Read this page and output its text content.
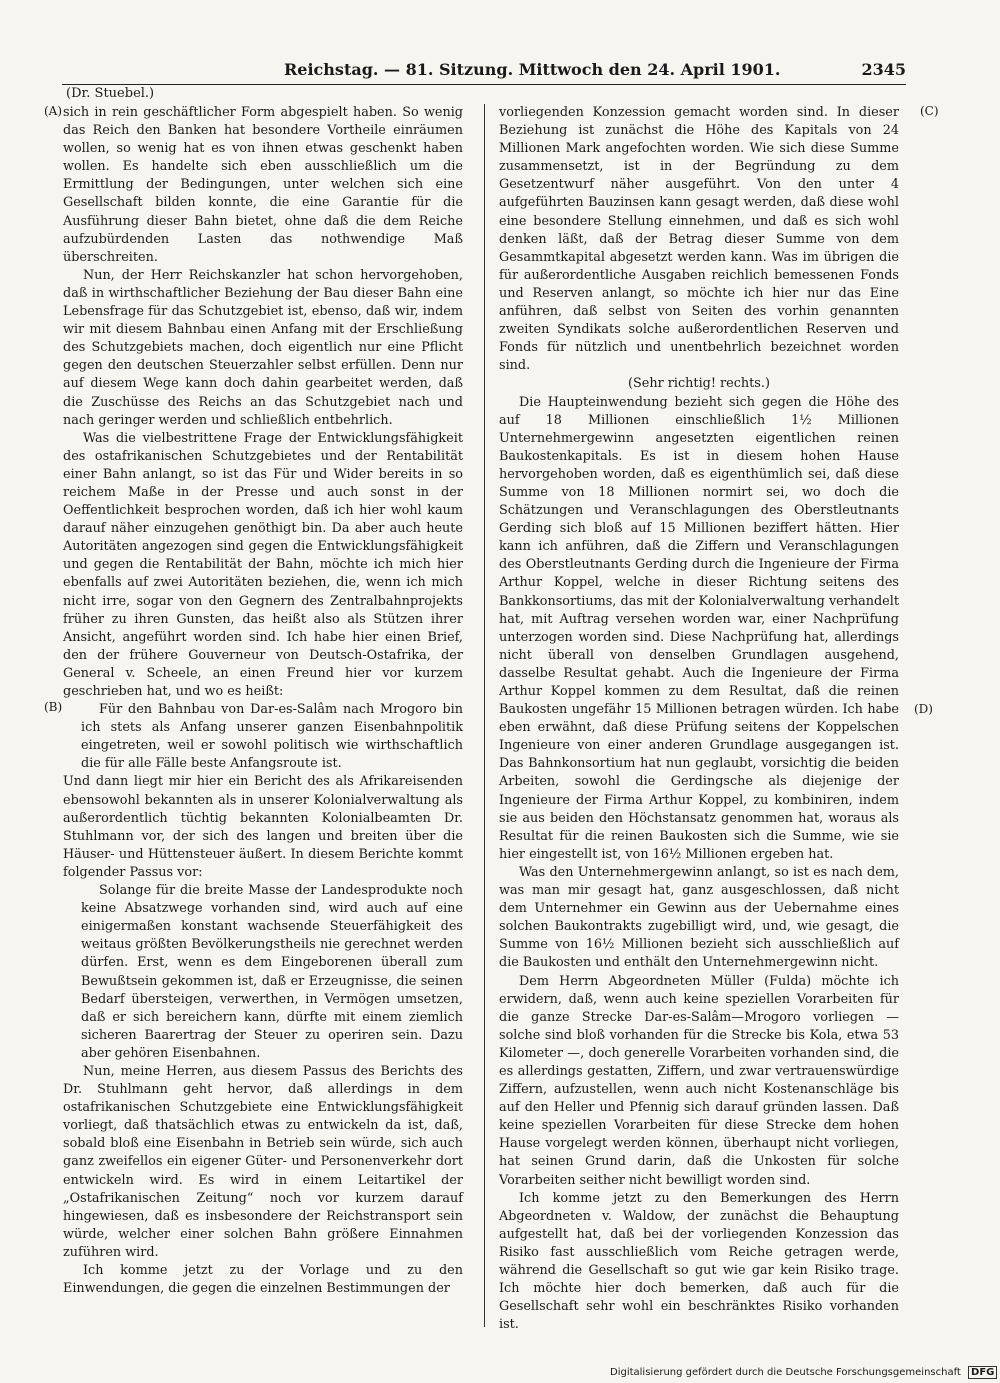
Reichstag. — 81. Sitzung. Mittwoch den 24. April 1901.	2345
(Dr. Stuebel.)
(A)
(B)
(C)
(D)

sich in rein geschäftlicher Form abgespielt haben. So wenig das Reich den Banken hat besondere Vortheile einräumen wollen, so wenig hat es von ihnen etwas geschenkt haben wollen. Es handelte sich eben ausschließlich um die Ermittlung der Bedingungen, unter welchen sich eine Gesellschaft bilden konnte, die eine Garantie für die Ausführung dieser Bahn bietet, ohne daß die dem Reiche aufzubürdenden Lasten das nothwendige Maß überschreiten.

Nun, der Herr Reichskanzler hat schon hervorgehoben, daß in wirthschaftlicher Beziehung der Bau dieser Bahn eine Lebensfrage für das Schutzgebiet ist, ebenso, daß wir, indem wir mit diesem Bahnbau einen Anfang mit der Erschließung des Schutzgebiets machen, doch eigentlich nur eine Pflicht gegen den deutschen Steuerzahler selbst erfüllen. Denn nur auf diesem Wege kann doch dahin gearbeitet werden, daß die Zuschüsse des Reichs an das Schutzgebiet nach und nach geringer werden und schließlich entbehrlich.

Was die vielbestrittene Frage der Entwicklungsfähigkeit des ostafrikanischen Schutzgebietes und der Rentabilität einer Bahn anlangt, so ist das Für und Wider bereits in so reichem Maße in der Presse und auch sonst in der Oeffentlichkeit besprochen worden, daß ich hier wohl kaum darauf näher einzugehen genöthigt bin. Da aber auch heute Autoritäten angezogen sind gegen die Entwicklungsfähigkeit und gegen die Rentabilität der Bahn, möchte ich mich hier ebenfalls auf zwei Autoritäten beziehen, die, wenn ich mich nicht irre, sogar von den Gegnern des Zentralbahnprojekts früher zu ihren Gunsten, das heißt also als Stützen ihrer Ansicht, angeführt worden sind. Ich habe hier einen Brief, den der frühere Gouverneur von Deutsch-Ostafrika, der General v. Scheele, an einen Freund hier vor kurzem geschrieben hat, und wo es heißt:

Für den Bahnbau von Dar-es-Salâm nach Mrogoro bin ich stets als Anfang unserer ganzen Eisenbahnpolitik eingetreten, weil er sowohl politisch wie wirthschaftlich die für alle Fälle beste Anfangsroute ist.

Und dann liegt mir hier ein Bericht des als Afrikareisenden ebensowohl bekannten als in unserer Kolonialverwaltung als außerordentlich tüchtig bekannten Kolonialbeamten Dr. Stuhlmann vor, der sich des langen und breiten über die Häuser- und Hüttensteuer äußert. In diesem Berichte kommt folgender Passus vor:

Solange für die breite Masse der Landesprodukte noch keine Absatzwege vorhanden sind, wird auch auf eine einigermaßen konstant wachsende Steuerfähigkeit des weitaus größten Bevölkerungstheils nie gerechnet werden dürfen. Erst, wenn es dem Eingeborenen überall zum Bewußtsein gekommen ist, daß er Erzeugnisse, die seinen Bedarf übersteigen, verwerthen, in Vermögen umsetzen, daß er sich bereichern kann, dürfte mit einem ziemlich sicheren Baarertrag der Steuer zu operiren sein. Dazu aber gehören Eisenbahnen.

Nun, meine Herren, aus diesem Passus des Berichts des Dr. Stuhlmann geht hervor, daß allerdings in dem ostafrikanischen Schutzgebiete eine Entwicklungsfähigkeit vorliegt, daß thatsächlich etwas zu entwickeln da ist, daß, sobald bloß eine Eisenbahn in Betrieb sein würde, sich auch ganz zweifellos ein eigener Güter- und Personenverkehr dort entwickeln wird. Es wird in einem Leitartikel der „Ostafrikanischen Zeitung“ noch vor kurzem darauf hingewiesen, daß es insbesondere der Reichstransport sein würde, welcher einer solchen Bahn größere Einnahmen zuführen wird.

Ich komme jetzt zu der Vorlage und zu den Einwendungen, die gegen die einzelnen Bestimmungen der

vorliegenden Konzession gemacht worden sind. In dieser Beziehung ist zunächst die Höhe des Kapitals von 24 Millionen Mark angefochten worden. Wie sich diese Summe zusammensetzt, ist in der Begründung zu dem Gesetzentwurf näher ausgeführt. Von den unter 4 aufgeführten Bauzinsen kann gesagt werden, daß diese wohl eine besondere Stellung einnehmen, und daß es sich wohl denken läßt, daß der Betrag dieser Summe von dem Gesammtkapital abgesetzt werden kann. Was im übrigen die für außerordentliche Ausgaben reichlich bemessenen Fonds und Reserven anlangt, so möchte ich hier nur das Eine anführen, daß selbst von Seiten des vorhin genannten zweiten Syndikats solche außerordentlichen Reserven und Fonds für nützlich und unentbehrlich bezeichnet worden sind.

(Sehr richtig! rechts.)

Die Haupteinwendung bezieht sich gegen die Höhe des auf 18 Millionen einschließlich 1½ Millionen Unternehmergewinn angesetzten eigentlichen reinen Baukostenkapitals. Es ist in diesem hohen Hause hervorgehoben worden, daß es eigenthümlich sei, daß diese Summe von 18 Millionen normirt sei, wo doch die Schätzungen und Veranschlagungen des Oberstleutnants Gerding sich bloß auf 15 Millionen beziffert hätten. Hier kann ich anführen, daß die Ziffern und Veranschlagungen des Oberstleutnants Gerding durch die Ingenieure der Firma Arthur Koppel, welche in dieser Richtung seitens des Bankkonsortiums, das mit der Kolonialverwaltung verhandelt hat, mit Auftrag versehen worden war, einer Nachprüfung unterzogen worden sind. Diese Nachprüfung hat, allerdings nicht überall von denselben Grundlagen ausgehend, dasselbe Resultat gehabt. Auch die Ingenieure der Firma Arthur Koppel kommen zu dem Resultat, daß die reinen Baukosten ungefähr 15 Millionen betragen würden. Ich habe eben erwähnt, daß diese Prüfung seitens der Koppelschen Ingenieure von einer anderen Grundlage ausgegangen ist. Das Bahnkonsortium hat nun geglaubt, vorsichtig die beiden Arbeiten, sowohl die Gerdingsche als diejenige der Ingenieure der Firma Arthur Koppel, zu kombiniren, indem sie aus beiden den Höchstansatz genommen hat, woraus als Resultat für die reinen Baukosten sich die Summe, wie sie hier eingestellt ist, von 16½ Millionen ergeben hat.

Was den Unternehmergewinn anlangt, so ist es nach dem, was man mir gesagt hat, ganz ausgeschlossen, daß nicht dem Unternehmer ein Gewinn aus der Uebernahme eines solchen Baukontrakts zugebilligt wird, und, wie gesagt, die Summe von 16½ Millionen bezieht sich ausschließlich auf die Baukosten und enthält den Unternehmergewinn nicht.

Dem Herrn Abgeordneten Müller (Fulda) möchte ich erwidern, daß, wenn auch keine speziellen Vorarbeiten für die ganze Strecke Dar-es-Salâm—Mrogoro vorliegen — solche sind bloß vorhanden für die Strecke bis Kola, etwa 53 Kilometer —, doch generelle Vorarbeiten vorhanden sind, die es allerdings gestatten, Ziffern, und zwar vertrauenswürdige Ziffern, aufzustellen, wenn auch nicht Kostenanschläge bis auf den Heller und Pfennig sich darauf gründen lassen. Daß keine speziellen Vorarbeiten für diese Strecke dem hohen Hause vorgelegt werden können, überhaupt nicht vorliegen, hat seinen Grund darin, daß die Unkosten für solche Vorarbeiten seither nicht bewilligt worden sind.

Ich komme jetzt zu den Bemerkungen des Herrn Abgeordneten v. Waldow, der zunächst die Behauptung aufgestellt hat, daß bei der vorliegenden Konzession das Risiko fast ausschließlich vom Reiche getragen werde, während die Gesellschaft so gut wie gar kein Risiko trage. Ich möchte hier doch bemerken, daß auch für die Gesellschaft sehr wohl ein beschränktes Risiko vorhanden ist.

Digitalisierung gefördert durch die Deutsche Forschungsgemeinschaft DFG
